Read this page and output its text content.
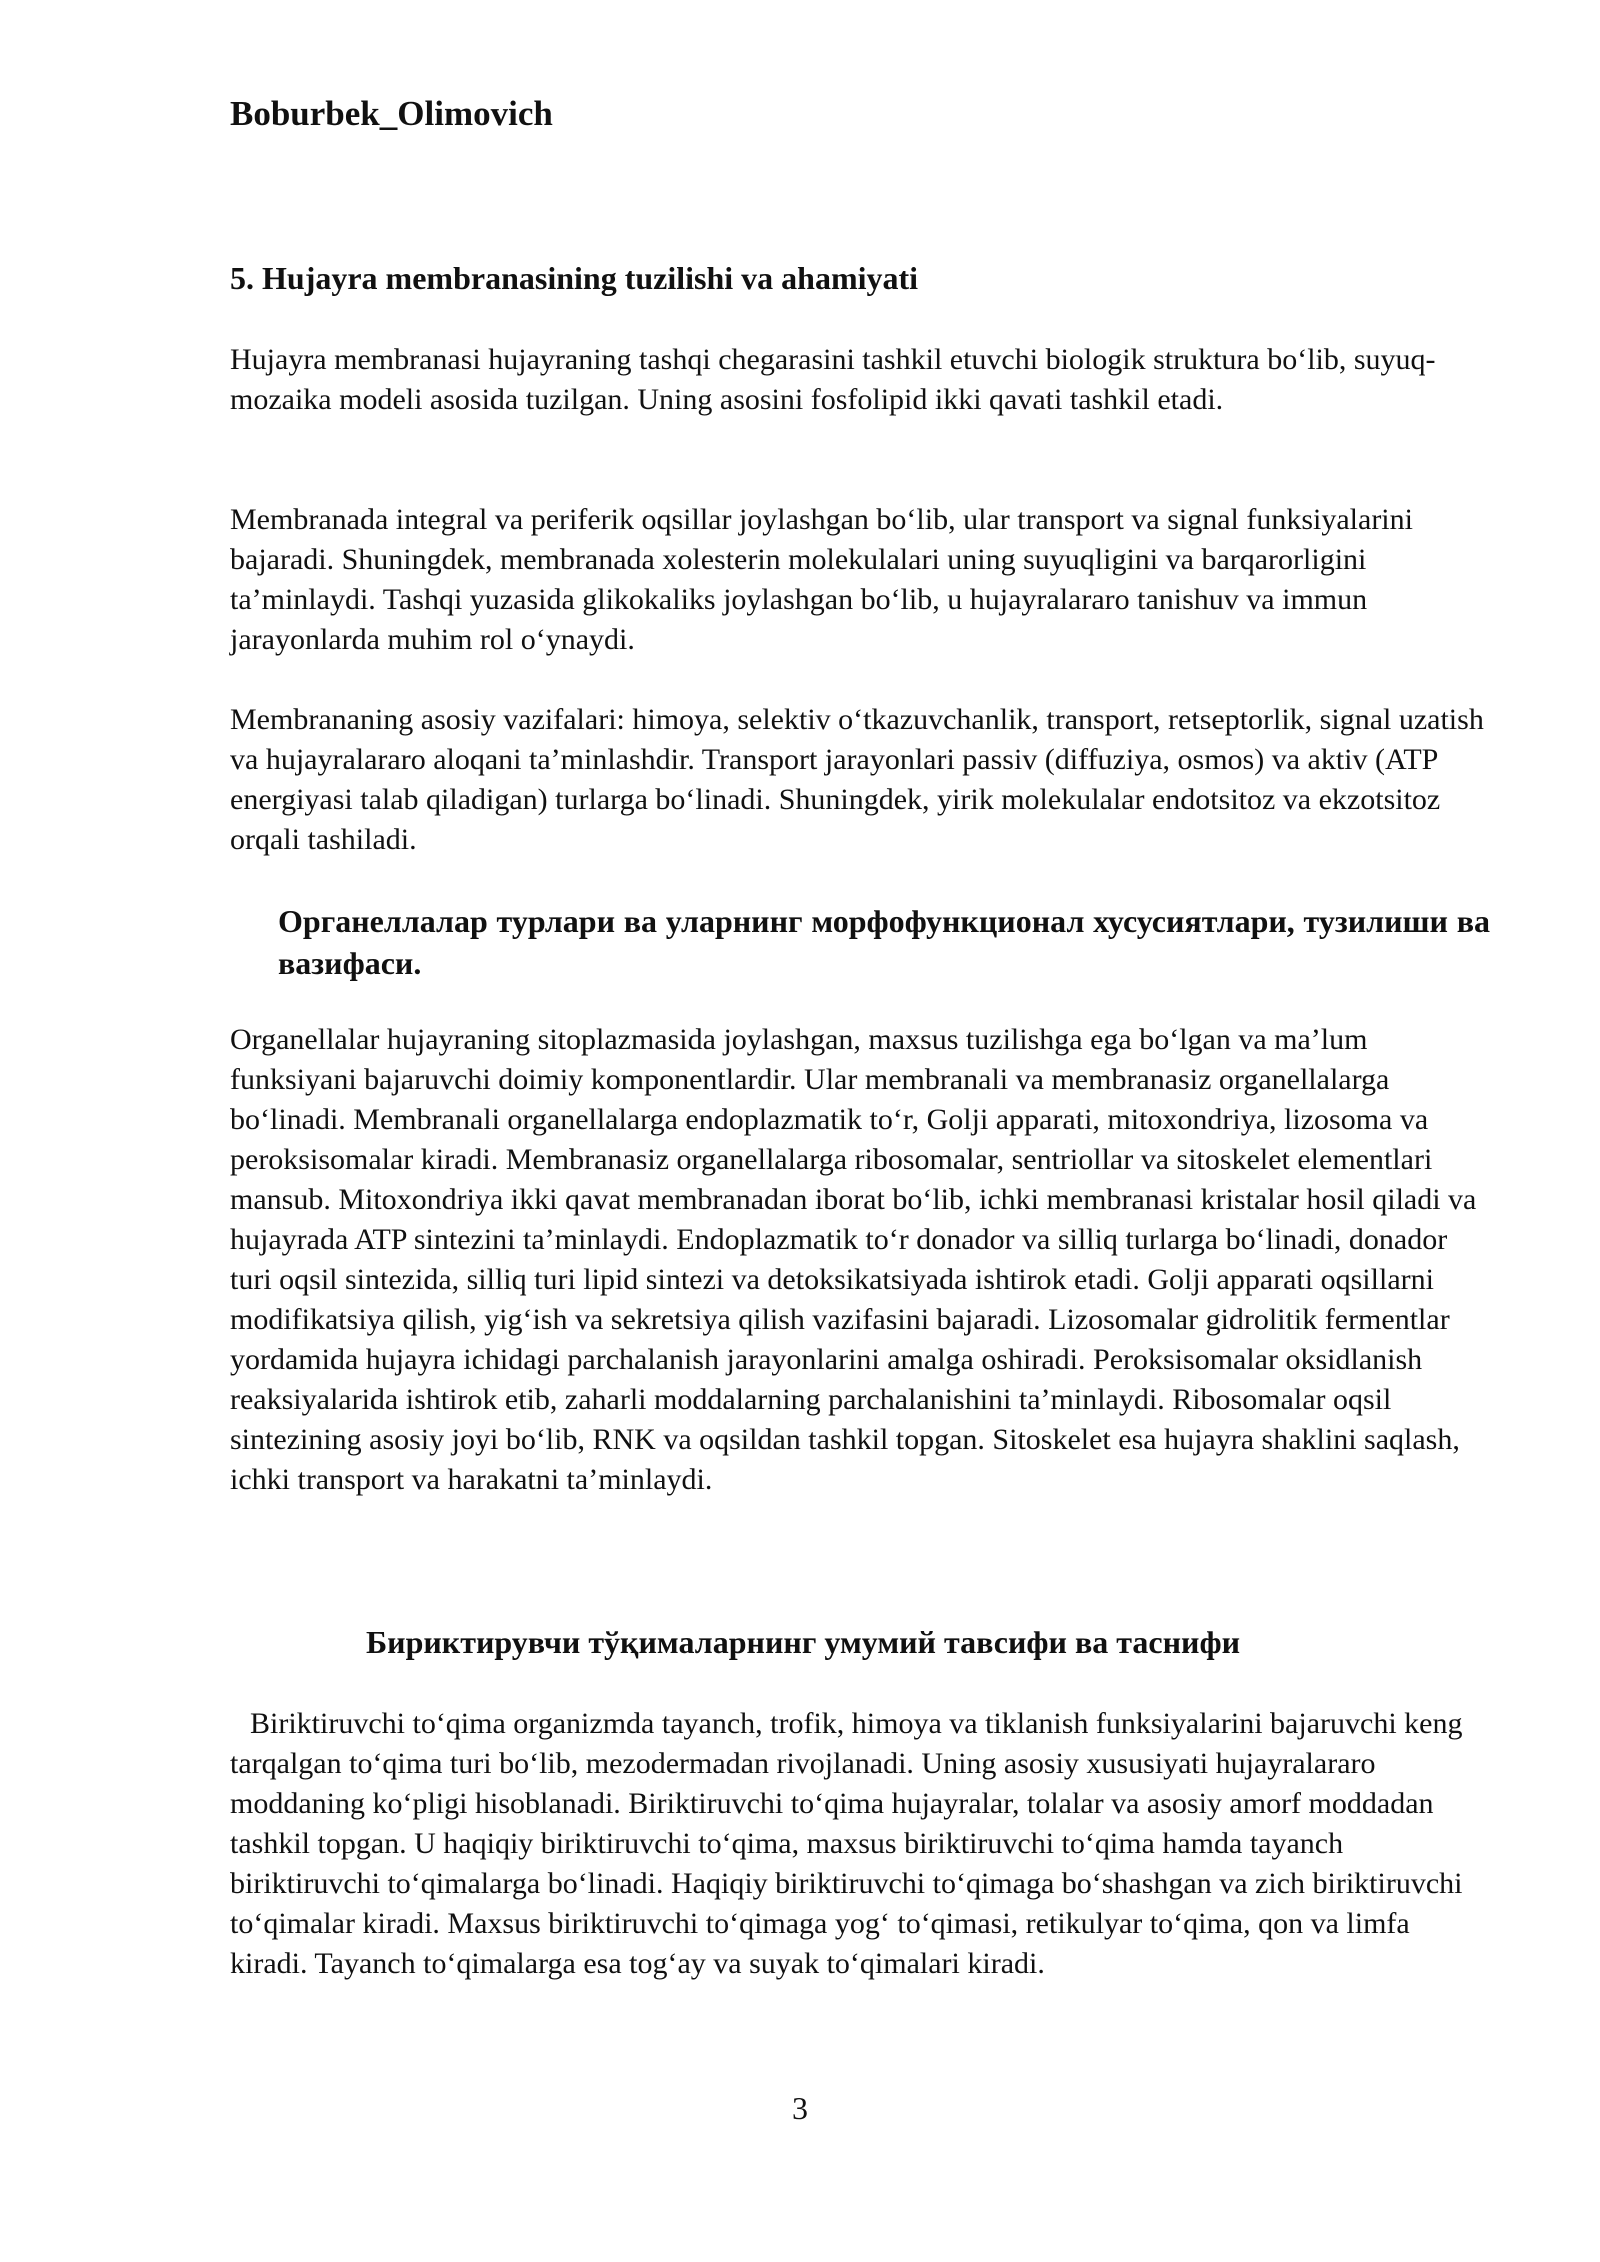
Boburbek_Olimovich

5. Hujayra membranasining tuzilishi va ahamiyati

Hujayra membranasi hujayraning tashqi chegarasini tashkil etuvchi biologik struktura bo‘lib, suyuq-mozaika modeli asosida tuzilgan. Uning asosini fosfolipid ikki qavati tashkil etadi.

Membranada integral va periferik oqsillar joylashgan bo‘lib, ular transport va signal funksiyalarini bajaradi. Shuningdek, membranada xolesterin molekulalari uning suyuqligini va barqarorligini ta’minlaydi. Tashqi yuzasida glikokaliks joylashgan bo‘lib, u hujayralararo tanishuv va immun jarayonlarda muhim rol o‘ynaydi.

Membrananing asosiy vazifalari: himoya, selektiv o‘tkazuvchanlik, transport, retseptorlik, signal uzatish va hujayralararo aloqani ta’minlashdir. Transport jarayonlari passiv (diffuziya, osmos) va aktiv (ATP energiyasi talab qiladigan) turlarga bo‘linadi. Shuningdek, yirik molekulalar endotsitoz va ekzotsitoz orqali tashiladi.

Органеллалар турлари ва уларнинг морфофункционал хусусиятлари, тузилиши ва вазифаси.

Organellalar hujayraning sitoplazmasida joylashgan, maxsus tuzilishga ega bo‘lgan va ma’lum funksiyani bajaruvchi doimiy komponentlardir. Ular membranali va membranasiz organellalarga bo‘linadi. Membranali organellalarga endoplazmatik to‘r, Golji apparati, mitoxondriya, lizosoma va peroksisomalar kiradi. Membranasiz organellalarga ribosomalar, sentriollar va sitoskelet elementlari mansub. Mitoxondriya ikki qavat membranadan iborat bo‘lib, ichki membranasi kristalar hosil qiladi va hujayrada ATP sintezini ta’minlaydi. Endoplazmatik to‘r donador va silliq turlarga bo‘linadi, donador turi oqsil sintezida, silliq turi lipid sintezi va detoksikatsiyada ishtirok etadi. Golji apparati oqsillarni modifikatsiya qilish, yig‘ish va sekretsiya qilish vazifasini bajaradi. Lizosomalar gidrolitik fermentlar yordamida hujayra ichidagi parchalanish jarayonlarini amalga oshiradi. Peroksisomalar oksidlanish reaksiyalarida ishtirok etib, zaharli moddalarning parchalanishini ta’minlaydi. Ribosomalar oqsil sintezining asosiy joyi bo‘lib, RNK va oqsildan tashkil topgan. Sitoskelet esa hujayra shaklini saqlash, ichki transport va harakatni ta’minlaydi.

Бириктирувчи тўқималарнинг умумий тавсифи ва таснифи

Biriktiruvchi to‘qima organizmda tayanch, trofik, himoya va tiklanish funksiyalarini bajaruvchi keng tarqalgan to‘qima turi bo‘lib, mezodermadan rivojlanadi. Uning asosiy xususiyati hujayralararo moddaning ko‘pligi hisoblanadi. Biriktiruvchi to‘qima hujayralar, tolalar va asosiy amorf moddadan tashkil topgan. U haqiqiy biriktiruvchi to‘qima, maxsus biriktiruvchi to‘qima hamda tayanch biriktiruvchi to‘qimalarga bo‘linadi. Haqiqiy biriktiruvchi to‘qimaga bo‘shashgan va zich biriktiruvchi to‘qimalar kiradi. Maxsus biriktiruvchi to‘qimaga yog‘ to‘qimasi, retikulyar to‘qima, qon va limfa kiradi. Tayanch to‘qimalarga esa tog‘ay va suyak to‘qimalari kiradi.

3
